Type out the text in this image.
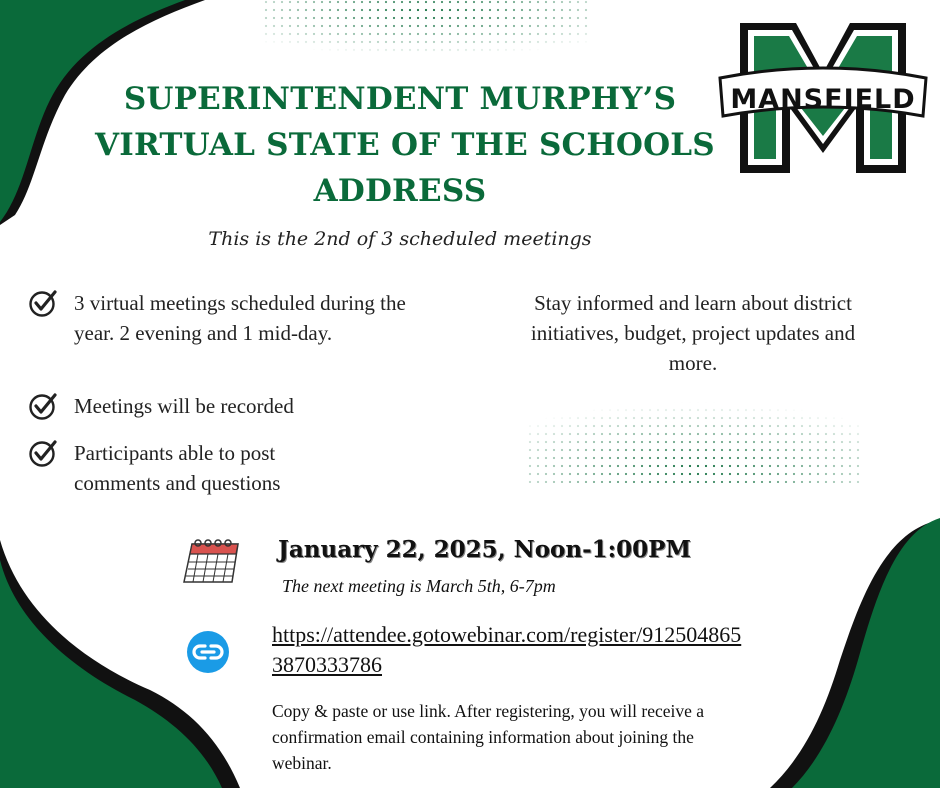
MANSFIELD
SUPERINTENDENT MURPHY’S
VIRTUAL STATE OF THE SCHOOLS
ADDRESS
This is the 2nd of 3 scheduled meetings
3 virtual meetings scheduled during the year. 2 evening and 1 mid-day.
Meetings will be recorded
Participants able to post comments and questions
Stay informed and learn about district initiatives, budget, project updates and more.
January 22, 2025, Noon-1:00PM
The next meeting is March 5th, 6-7pm
https://attendee.gotowebinar.com/register/9125048653870333786
Copy & paste or use link. After registering, you will receive a confirmation email containing information about joining the webinar.
